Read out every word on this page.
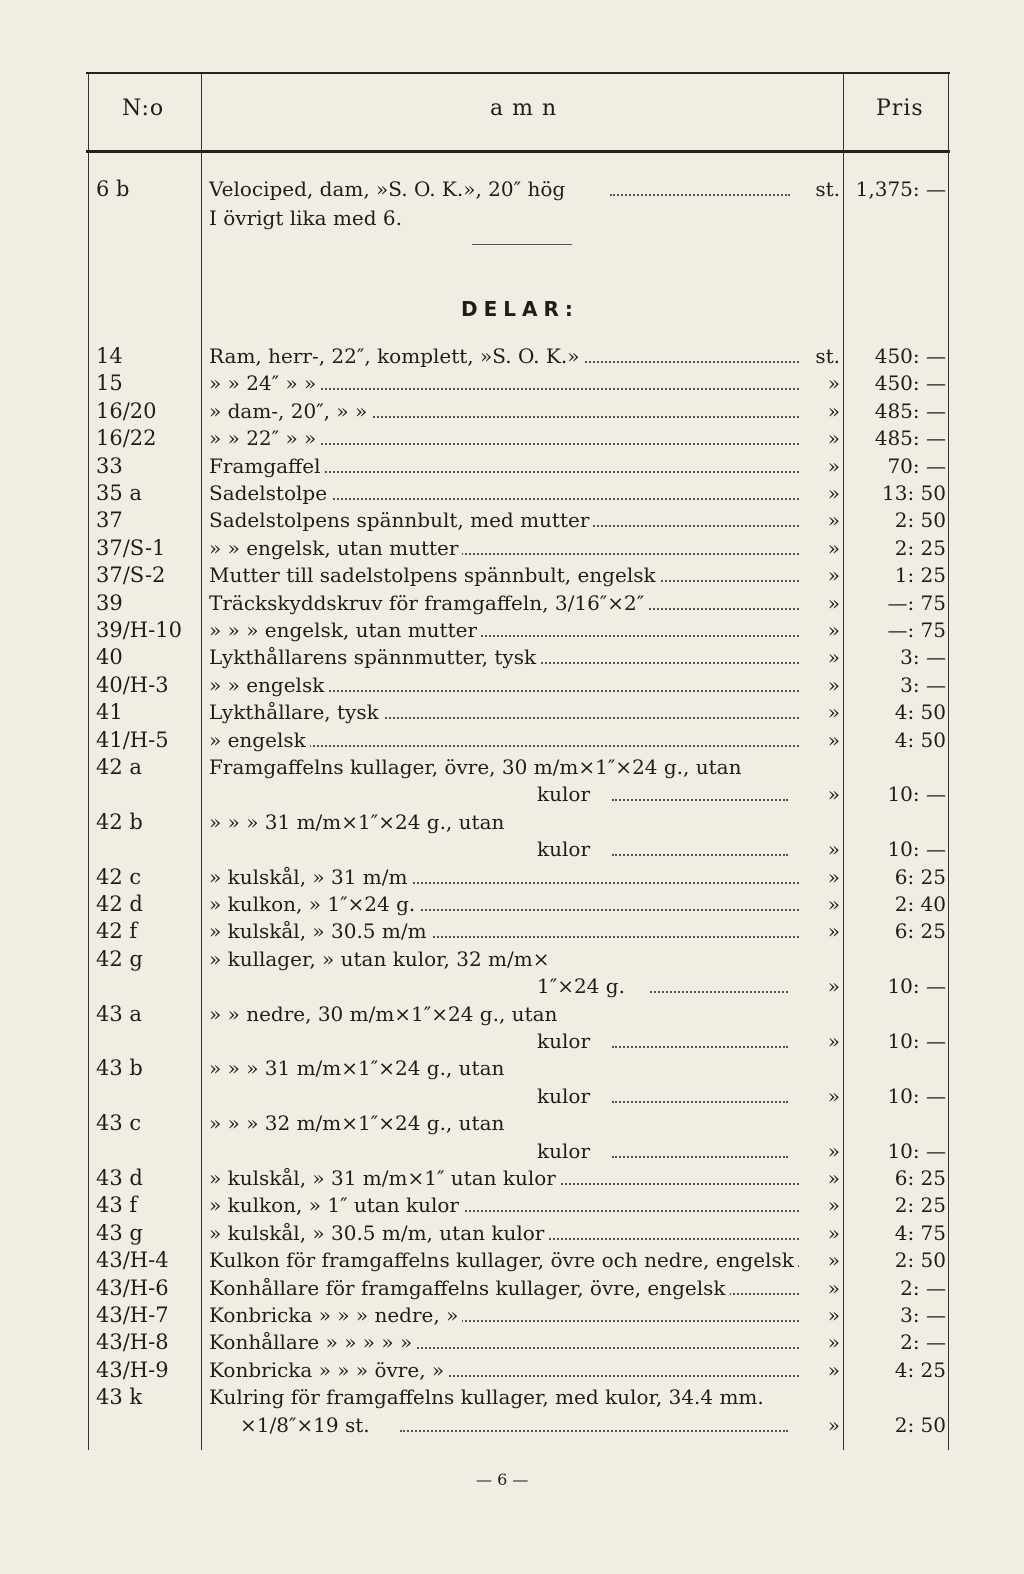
N:o	a m n	Pris
6 b	Velociped, dam, »S. O. K.», 20″ hög	st. 1,375: —
I övrigt lika med 6.
DELAR:
14	Ram, herr-, 22″, komplett, »S. O. K.»	st.	450: —
15	» » 24″ » »	»	450: —
16/20	» dam-, 20″, » »	»	485: —
16/22	» » 22″ » »	»	485: —
33	Framgaffel	»	70: —
35 a	Sadelstolpe	»	13: 50
37	Sadelstolpens spännbult, med mutter	»	2: 50
37/S-1 » » engelsk, utan mutter	»	2: 25
37/S-2 Mutter till sadelstolpens spännbult, engelsk	»	1: 25
39	Träckskyddskruv för framgaffeln, 3/16″×2″	»	—: 75
39/H-10 » » » engelsk, utan mutter	»	—: 75
40	Lykthållarens spännmutter, tysk	»	3: —
40/H-3 » » engelsk	»	3: —
41	Lykthållare, tysk	»	4: 50
41/H-5 » engelsk	»	4: 50
42 a	Framgaffelns kullager, övre, 30 m/m×1″×24 g., utan
kulor	»	10: —
42 b	» » » 31 m/m×1″×24 g., utan
kulor	»	10: —
42 c	» kulskål, » 31 m/m	»	6: 25
42 d	» kulkon, » 1″×24 g.	»	2: 40
42 f	» kulskål, » 30.5 m/m	»	6: 25
42 g	» kullager, » utan kulor, 32 m/m×
1″×24 g.	»	10: —
43 a	» » nedre, 30 m/m×1″×24 g., utan
kulor	»	10: —
43 b	» » » 31 m/m×1″×24 g., utan
kulor	»	10: —
43 c	» » » 32 m/m×1″×24 g., utan
kulor	»	10: —
43 d	» kulskål, » 31 m/m×1″ utan kulor	»	6: 25
43 f	» kulkon, » 1″ utan kulor	»	2: 25
43 g	» kulskål, » 30.5 m/m, utan kulor	»	4: 75
43/H-4 Kulkon för framgaffelns kullager, övre och nedre, engelsk	»	2: 50
43/H-6 Konhållare för framgaffelns kullager, övre, engelsk	»	2: —
43/H-7 Konbricka » » » nedre, »	»	3: —
43/H-8 Konhållare » » » » »	»	2: —
43/H-9 Konbricka » » » övre, »	»	4: 25
43 k	Kulring för framgaffelns kullager, med kulor, 34.4 mm.
×1/8″×19 st.	»	2: 50
— 6 —
